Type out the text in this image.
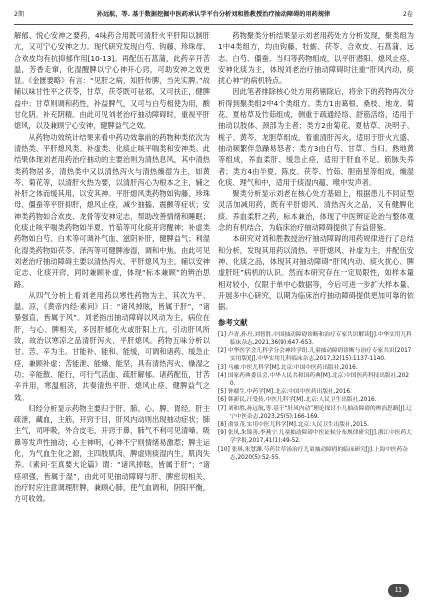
2期	孙远航，等. 基于数据挖掘中医药承认学平台分析刘和胜教授治疗抽动障碍的用药规律	2卷

解郁、悦心安神之要药，4味药合用既可清肝火平肝阳以制肝亢，又可宁心安神之力。现代研究发现白芍、钩藤、珍珠母、合欢皮均有抗抑郁作用[10-13]。再配伍石菖蒲，此药辛开苦温，芳香走窜，化湿醒脾以宁心神开心窍，可助安神之效更显。《金匮要略》有言：“见肝之病，知肝传脾，当先实脾。”故辅以味甘性平之茯苓，甘草，茯苓既可祛邪，又可扶正，健脾益中；甘草则调和药性，补益脾气，又可与白芍相使为用，酸甘化阴，补充阴精。由此可见刘老治疗抽动障碍时，重视平肝熄风，以及兼顾宁心安神，健脾益气之效。

从药物功效统计结果来看中药功效靠前的药物种类依次为清热类、平肝熄风类、补虚类、化痰止咳平喘类和安神类。此结果体现刘老用药治疗抽动的主要治则为清热息风，其中清热类药物居多，清热类中又以清热泻火与清热燥湿为主，如黄芩、菊花等，以清肝火热为要，以清肝泻心为根本之主，辅之补肝之体而缓其用，以安其神。平肝熄风类药物如钩藤、珍珠母、僵蚕等平肝抑肝，熄风止痉，减少抽搐、震颤等症状；安神类药物如合欢皮、龙骨等安神定志，帮助改善情绪和睡眠；化痰止咳平喘类药物如半夏、竹茹等可化痰开窍醒神；补虚类药物如白芍、白术等可调补气血、滋阴补肝，健脾益气；利湿化湿类药物如茯苓、泽泻等可健脾渗湿，调和中焦。由此可见刘老治疗抽动障碍主要以清热泻火、平肝熄风为主，辅以安神定志、化痰开窍，同时兼顾补虚，体现“标本兼顾”的辨治思路。

从四气分析上看刘老用药以寒性药物为主，其次为平、温、凉，《黄帝内经·素问》曰：“诸风掉眩，皆属于肝”，“诸暴强直，皆属于风”。刘老指出抽动障碍以风动为主，病位在肝，与心、脾相关，多因肝郁化火或肝阳上亢，引动肝风所致，故治以寒凉之品清肝泻火、平肝熄风。药物五味分析以甘、苦、辛为主。甘能补、能和、能缓，可调和诸药、缓急止痉，兼顾补虚；苦能泄、能燥、能坚，具有清热泻火、燥湿之功；辛能散、能行，可行气活血、疏肝解郁。诸药配伍，甘苦辛并用，寒温相济，共奏清热平肝、熄风止痉、健脾益气之效。

归经分析显示药物主要归于肝、肺、心、脾、胃经。肝主疏泄，藏血，主筋，开窍于目，肝风内动则出现抽动症状；肺主气，司呼吸，外合皮毛，开窍于鼻，肺气不利可见清嗓、吸鼻等发声性抽动；心主神明，心神不宁则情绪易激惹；脾主运化，为气血生化之源，主四肢肌肉，脾虚则痰湿内生，肌肉失养。《素问·至真要大论篇》谓：“诸风掉眩，皆属于肝”；“诸痉项强，皆属于湿”，由此可见抽动障碍与肝、脾密切相关，治疗时应注意调理肝脾，兼顾心肺，使气血调和，阴阳平衡，方可收效。

药物聚类分析结果显示刘老用药处方分析发现，聚类组为1中4类组方，均由钩藤、牡蛎、茯苓、合欢皮、石菖蒲、远志、白芍、僵蚕、当归等药物组成，以平肝潜阳、熄风止痉、安神化痰为主，体现刘老治疗抽动障碍时注重“肝风内动，痰扰心神”的病机特点。

因此笔者排除核心处方用药剔除后，将余下的药物再次分析得到聚类组2中4个类组方。类方1由葛根、桑枝、地龙、菊花、夏枯草及竹茹组成，侧重于疏通经络、舒筋活络，适用于抽动以肢体、颈部为主者；类方2由菊花、夏枯草、决明子、栀子、黄芩、龙胆草组成，着重清肝泻火，适用于肝火亢盛、抽动频繁伴急躁易怒者；类方3由白芍、甘草、当归、熟地黄等组成，养血柔肝、缓急止痉，适用于肝血不足、筋脉失养者；类方4由半夏、陈皮、茯苓、竹茹、胆南星等组成，燥湿化痰、理气和中，适用于痰湿内蕴、喉中发声者。

聚类分析显示刘老在核心处方基础上，根据患儿不同证型灵活加减用药，既有平肝熄风、清热泻火之品，又有健脾化痰、养血柔肝之药，标本兼治，体现了中医辨证论治与整体观念的有机结合，为临床治疗抽动障碍提供了有益借鉴。

本研究对刘和胜教授治疗抽动障碍的用药规律进行了总结和分析，发现其用药以清热、平肝熄风、补虚为主，并配伍安神、化痰之品，体现其对抽动障碍“肝风内动、痰火扰心、脾虚肝旺”病机的认识。然而本研究存在一定局限性，如样本量相对较小，仅限于单中心数据等，今后可进一步扩大样本量、开展多中心研究，以期为临床治疗抽动障碍提供更加可靠的依据。

参考文献
[1] 卢青,孙丹,刘智胜.中国抽动障碍诊断和治疗专家共识解读[J].中华实用儿科临床杂志,2021,36(9):647-653.
[2] 中华医学会儿科学分会神经学组.儿童抽动障碍诊断与治疗专家共识(2017实用版)[J].中华实用儿科临床杂志,2017,32(15):1137-1140.
[3] 马融.中医儿科学[M].北京:中国中医药出版社,2016.
[4] 国家药典委员会.中华人民共和国药典[M].北京:中国医药科技出版社,2020.
[5] 钟赣生.中药学[M].北京:中国中医药出版社,2016.
[6] 韩新民,汪受传.中医儿科学[M].北京:人民卫生出版社,2016.
[7] 刘和胜,孙远航,等.基于“肝风内动”理论探讨小儿抽动障碍的辨治思路[J].辽宁中医杂志,2023,25(5):166-169.
[8] 俞景茂.实用中医儿科学[M].北京:人民卫生出版社,2015.
[9] 张凤,朱锦善,李燕宁.儿童抽动障碍中医证候分布规律研究[J].浙江中医药大学学报,2017,41(1):49-52.
[10] 张琪,朱慧渊.芍药甘草汤治疗儿童抽动障碍的临床研究[J].上海中医药杂志,2020(5):52-55.
11
